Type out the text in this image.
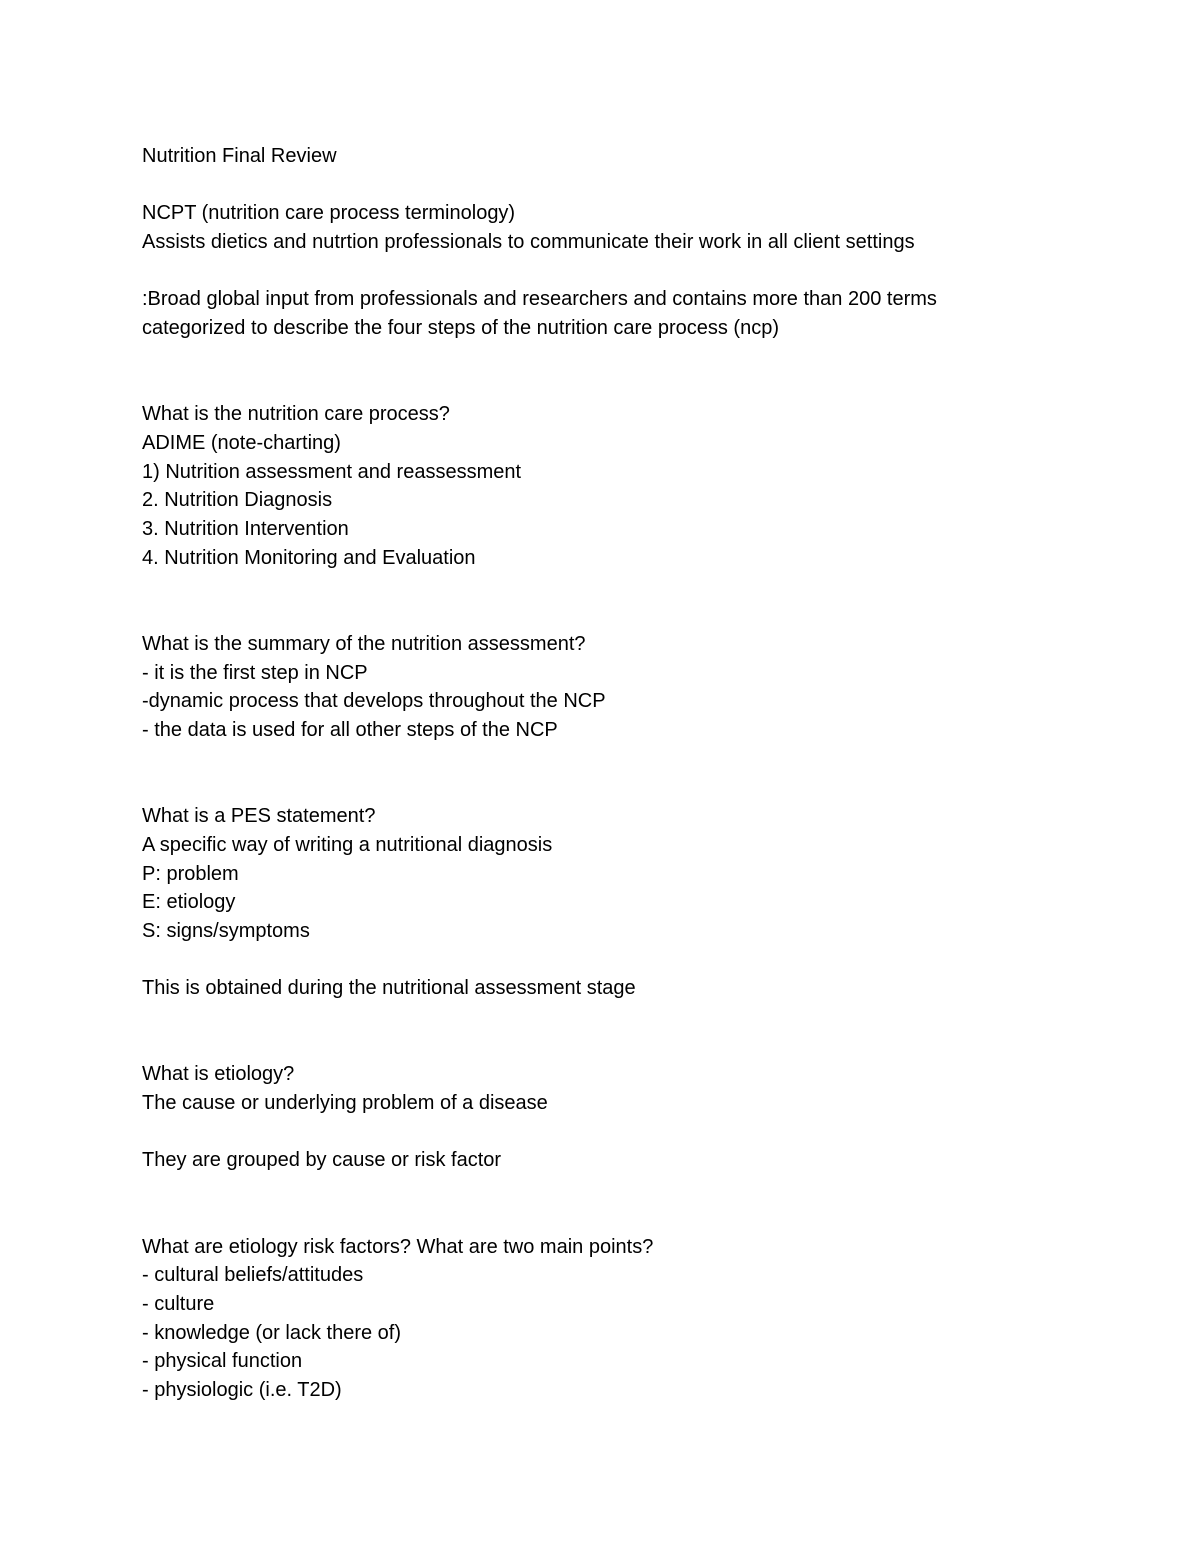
Nutrition Final Review
NCPT (nutrition care process terminology)
Assists dietics and nutrtion professionals to communicate their work in all client settings
:Broad global input from professionals and researchers and contains more than 200 terms
categorized to describe the four steps of the nutrition care process (ncp)
What is the nutrition care process?
ADIME (note-charting)
1) Nutrition assessment and reassessment
2. Nutrition Diagnosis
3. Nutrition Intervention
4. Nutrition Monitoring and Evaluation
What is the summary of the nutrition assessment?
- it is the first step in NCP
-dynamic process that develops throughout the NCP
- the data is used for all other steps of the NCP
What is a PES statement?
A specific way of writing a nutritional diagnosis
P: problem
E: etiology
S: signs/symptoms
This is obtained during the nutritional assessment stage
What is etiology?
The cause or underlying problem of a disease
They are grouped by cause or risk factor
What are etiology risk factors? What are two main points?
- cultural beliefs/attitudes
- culture
- knowledge (or lack there of)
- physical function
- physiologic (i.e. T2D)
